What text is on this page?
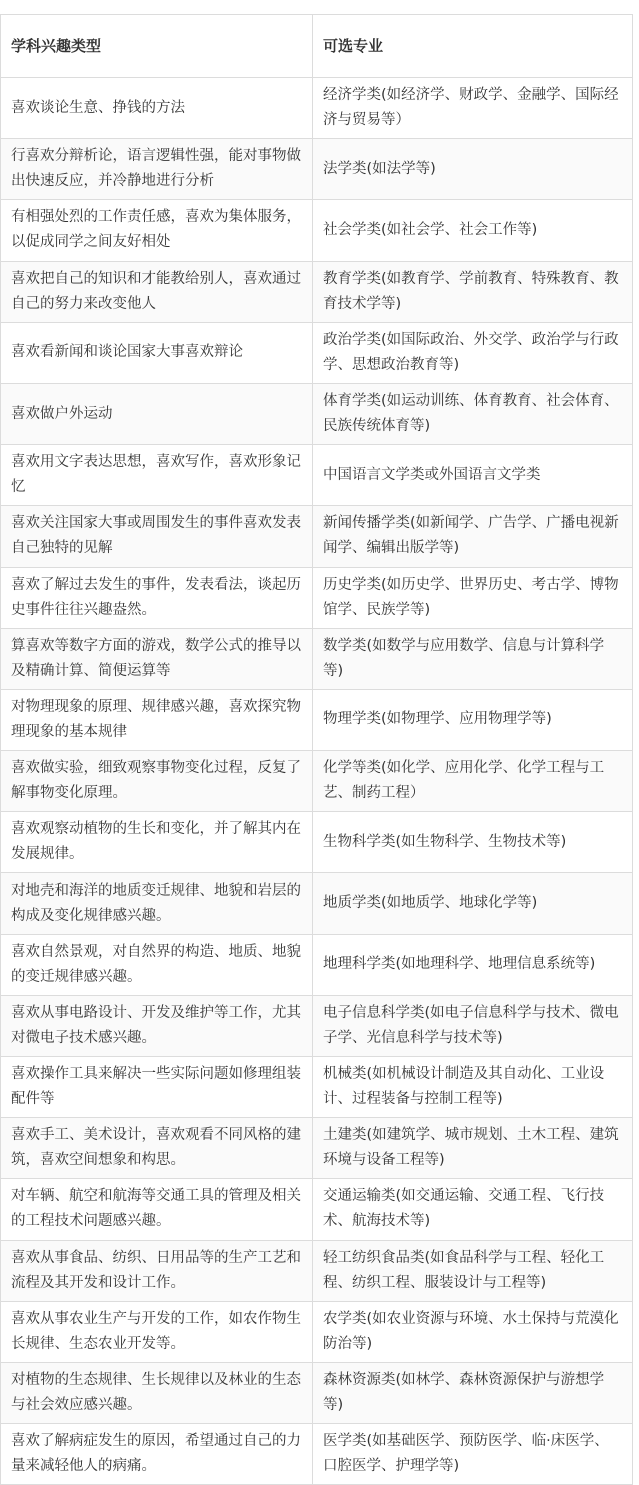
学科兴趣类型	可选专业
喜欢谈论生意、挣钱的方法	经济学类(如经济学、财政学、金融学、国际经济与贸易等）
行喜欢分辩析论，语言逻辑性强，能对事物做出快速反应，并冷静地进行分析	法学类(如法学等)
有相强处烈的工作责任感，喜欢为集体服务，以促成同学之间友好相处	社会学类(如社会学、社会工作等)
喜欢把自己的知识和才能教给别人，喜欢通过自己的努力来改变他人	教育学类(如教育学、学前教育、特殊教育、教育技术学等)
喜欢看新闻和谈论国家大事喜欢辩论	政治学类(如国际政治、外交学、政治学与行政学、思想政治教育等)
喜欢做户外运动	体育学类(如运动训练、体育教育、社会体育、民族传统体育等)
喜欢用文字表达思想，喜欢写作，喜欢形象记忆	中国语言文学类或外国语言文学类
喜欢关注国家大事或周围发生的事件喜欢发表自己独特的见解	新闻传播学类(如新闻学、广告学、广播电视新闻学、编辑出版学等)
喜欢了解过去发生的事件，发表看法，谈起历史事件往往兴趣盎然。	历史学类(如历史学、世界历史、考古学、博物馆学、民族学等)
算喜欢等数字方面的游戏，数学公式的推导以及精确计算、简便运算等	数学类(如数学与应用数学、信息与计算科学等)
对物理现象的原理、规律感兴趣，喜欢探究物理现象的基本规律	物理学类(如物理学、应用物理学等)
喜欢做实验，细致观察事物变化过程，反复了解事物变化原理。	化学等类(如化学、应用化学、化学工程与工艺、制药工程）
喜欢观察动植物的生长和变化，并了解其内在发展规律。	生物科学类(如生物科学、生物技术等)
对地壳和海洋的地质变迁规律、地貌和岩层的构成及变化规律感兴趣。	地质学类(如地质学、地球化学等)
喜欢自然景观，对自然界的构造、地质、地貌的变迁规律感兴趣。	地理科学类(如地理科学、地理信息系统等)
喜欢从事电路设计、开发及维护等工作，尤其对微电子技术感兴趣。	电子信息科学类(如电子信息科学与技术、微电子学、光信息科学与技术等)
喜欢操作工具来解决一些实际问题如修理组装配件等	机械类(如机械设计制造及其自动化、工业设计、过程装备与控制工程等)
喜欢手工、美术设计，喜欢观看不同风格的建筑，喜欢空间想象和构思。	土建类(如建筑学、城市规划、土木工程、建筑环境与设备工程等)
对车辆、航空和航海等交通工具的管理及相关的工程技术问题感兴趣。	交通运输类(如交通运输、交通工程、飞行技术、航海技术等)
喜欢从事食品、纺织、日用品等的生产工艺和流程及其开发和设计工作。	轻工纺织食品类(如食品科学与工程、轻化工程、纺织工程、服装设计与工程等)
喜欢从事农业生产与开发的工作，如农作物生长规律、生态农业开发等。	农学类(如农业资源与环境、水土保持与荒漠化防治等)
对植物的生态规律、生长规律以及林业的生态与社会效应感兴趣。	森林资源类(如林学、森林资源保护与游想学等)
喜欢了解病症发生的原因，希望通过自己的力量来减轻他人的病痛。	医学类(如基础医学、预防医学、临·床医学、口腔医学、护理学等)
